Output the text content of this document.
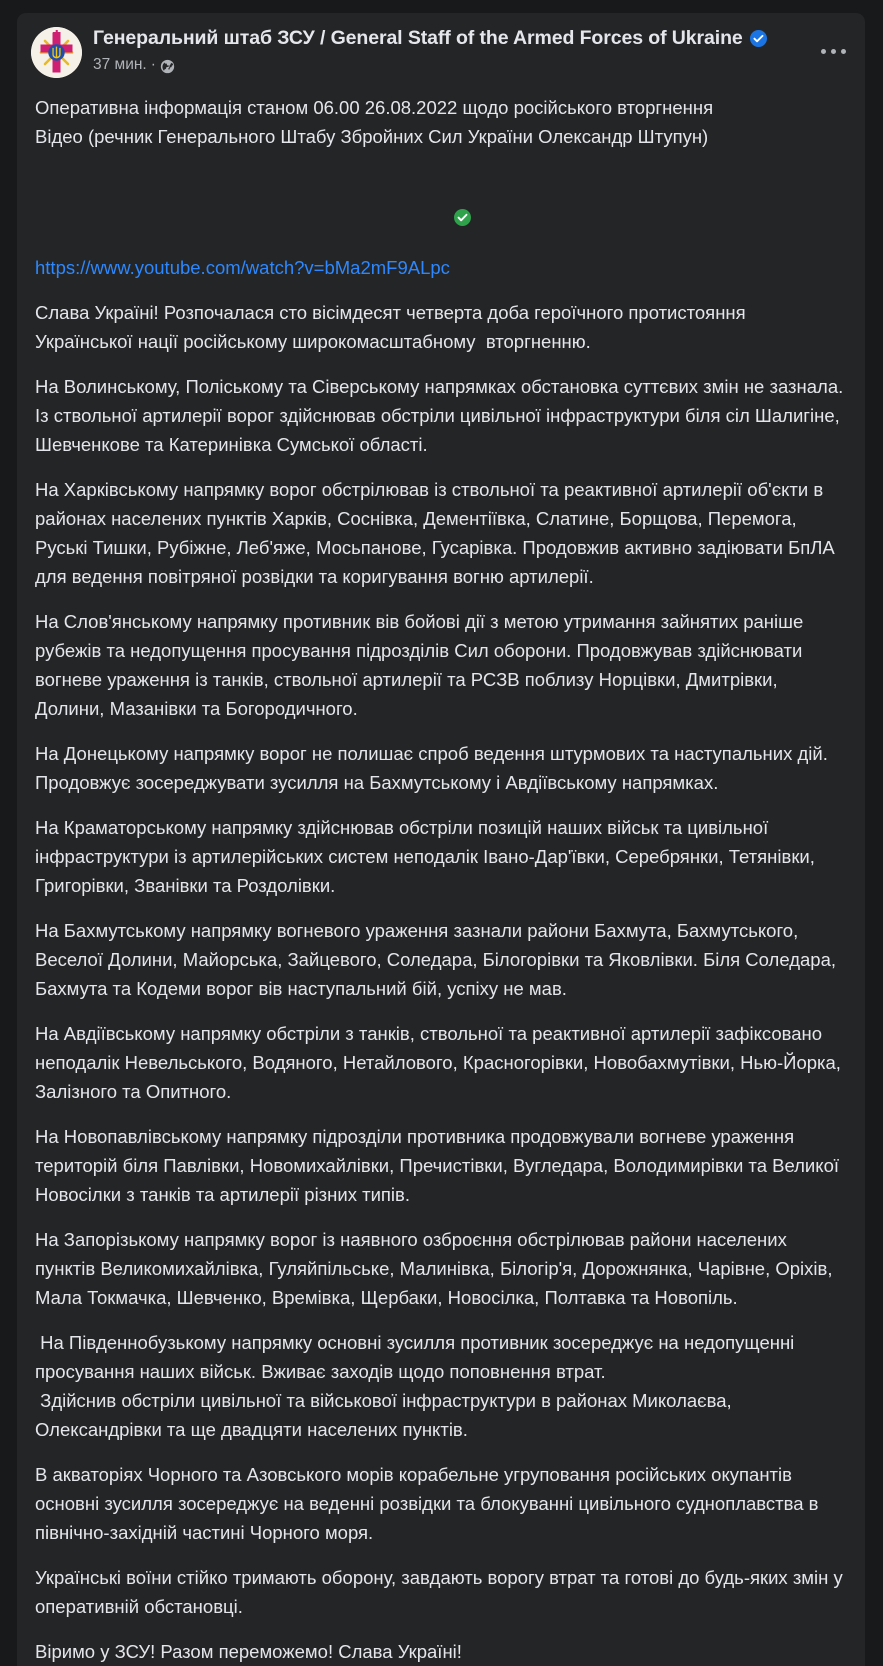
Генеральний штаб ЗСУ / General Staff of the Armed Forces of Ukraine
37 мин. ·

Оперативна інформація станом 06.00 26.08.2022 щодо російського вторгнення

Відео (речник Генерального Штабу Збройних Сил України Олександр Штупун)

https://www.youtube.com/watch?v=bMa2mF9ALpc

Слава Україні! Розпочалася сто вісімдесят четверта доба героїчного протистояння Української нації російському широкомасштабному  вторгненню.

На Волинському, Поліському та Сіверському напрямках обстановка суттєвих змін не зазнала. Із ствольної артилерії ворог здійснював обстріли цивільної інфраструктури біля сіл Шалигіне, Шевченкове та Катеринівка Сумської області.

На Харківському напрямку ворог обстрілював із ствольної та реактивної артилерії об'єкти в районах населених пунктів Харків, Соснівка, Дементіївка, Слатине, Борщова, Перемога, Руські Тишки, Рубіжне, Леб'яже, Мосьпанове, Гусарівка. Продовжив активно задіювати БпЛА для ведення повітряної розвідки та коригування вогню артилерії.

На Слов'янському напрямку противник вів бойові дії з метою утримання зайнятих раніше рубежів та недопущення просування підрозділів Сил оборони. Продовжував здійснювати вогневе ураження із танків, ствольної артилерії та РСЗВ поблизу Норцівки, Дмитрівки, Долини, Мазанівки та Богородичного.

На Донецькому напрямку ворог не полишає спроб ведення штурмових та наступальних дій. Продовжує зосереджувати зусилля на Бахмутському і Авдіївському напрямках.

На Краматорському напрямку здійснював обстріли позицій наших військ та цивільної інфраструктури із артилерійських систем неподалік Івано-Дар'ївки, Серебрянки, Тетянівки, Григорівки, Званівки та Роздолівки.

На Бахмутському напрямку вогневого ураження зазнали райони Бахмута, Бахмутського, Веселої Долини, Майорська, Зайцевого, Соледара, Білогорівки та Яковлівки. Біля Соледара, Бахмута та Кодеми ворог вів наступальний бій, успіху не мав.

На Авдіївському напрямку обстріли з танків, ствольної та реактивної артилерії зафіксовано неподалік Невельського, Водяного, Нетайлового, Красногорівки, Новобахмутівки, Нью-Йорка, Залізного та Опитного.

На Новопавлівському напрямку підрозділи противника продовжували вогневе ураження територій біля Павлівки, Новомихайлівки, Пречистівки, Вугледара, Володимирівки та Великої Новосілки з танків та артилерії різних типів.

На Запорізькому напрямку ворог із наявного озброєння обстрілював райони населених пунктів Великомихайлівка, Гуляйпільське, Малинівка, Білогір'я, Дорожнянка, Чарівне, Оріхів, Мала Токмачка, Шевченко, Времівка, Щербаки, Новосілка, Полтавка та Новопіль.

На Південнобузькому напрямку основні зусилля противник зосереджує на недопущенні просування наших військ. Вживає заходів щодо поповнення втрат.

Здійснив обстріли цивільної та військової інфраструктури в районах Миколаєва, Олександрівки та ще двадцяти населених пунктів.

В акваторіях Чорного та Азовського морів корабельне угруповання російських окупантів основні зусилля зосереджує на веденні розвідки та блокуванні цивільного судноплавства в північно-західній частині Чорного моря.

Українські воїни стійко тримають оборону, завдають ворогу втрат та готові до будь-яких змін у оперативній обстановці.

Віримо у ЗСУ! Разом переможемо! Слава Україні!
